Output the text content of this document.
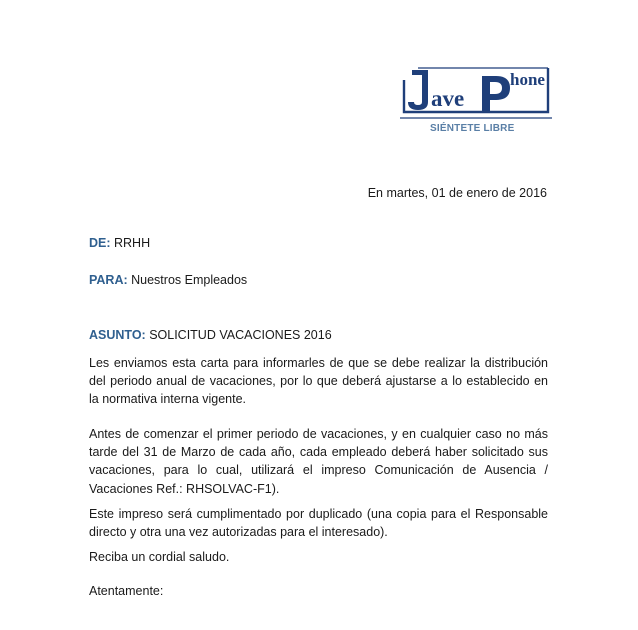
ave
hone
SIÉNTETE LIBRE
En martes, 01 de enero de 2016
DE: RRHH
PARA: Nuestros Empleados
ASUNTO: SOLICITUD VACACIONES 2016

Les enviamos esta carta para informarles de que se debe realizar la distribución del periodo anual de vacaciones, por lo que deberá ajustarse a lo establecido en la normativa interna vigente.

Antes de comenzar el primer periodo de vacaciones, y en cualquier caso no más tarde del 31 de Marzo de cada año, cada empleado deberá haber solicitado sus vacaciones, para lo cual, utilizará el impreso Comunicación de Ausencia / Vacaciones Ref.: RHSOLVAC-F1).

Este impreso será cumplimentado por duplicado (una copia para el Responsable directo y otra una vez autorizadas para el interesado).

Reciba un cordial saludo.
Atentamente:
